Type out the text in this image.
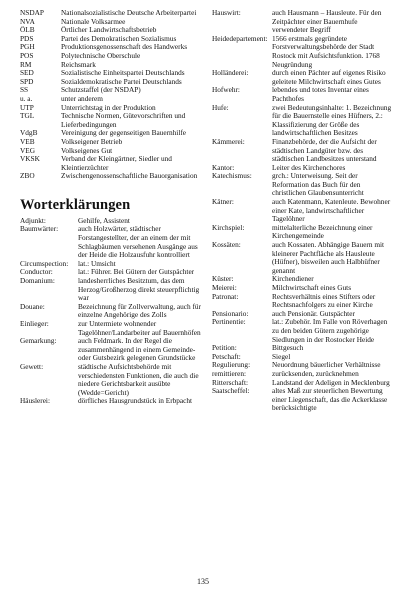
NSDAP	Nationalsozialistische Deutsche Arbeiterpartei
NVA	Nationale Volksarmee
ÖLB	Örtlicher Landwirtschaftsbetrieb
PDS	Partei des Demokratischen Sozialismus
PGH	Produktionsgenossenschaft des Handwerks
POS	Polytechnische Oberschule
RM	Reichsmark
SED	Sozialistische Einheitspartei Deutschlands
SPD	Sozialdemokratische Partei Deutschlands
SS	Schutzstaffel (der NSDAP)
u. a.	unter anderem
UTP	Unterrichtstag in der Produktion
TGL	Technische Normen, Gütevorschriften und Lieferbedingungen
VdgB	Vereinigung der gegenseitigen Bauernhilfe
VEB	Volkseigener Betrieb
VEG	Volkseigenes Gut
VKSK	Verband der Kleingärtner, Siedler und Kleintierzüchter
ZBO	Zwischengenossenschaftliche Bauorganisation
Worterklärungen
Adjunkt:	Gehilfe, Assistent
Baumwärter:	auch Holzwärter, städtischer Forstangestellter, der an einem der mit Schlagbäumen versehenen Ausgänge aus der Heide die Holzausfuhr kontrolliert
Circumspection:	lat.: Umsicht
Conductor:	lat.: Führer. Bei Gütern der Gutspächter
Domanium:	landesherrliches Besitztum, das dem Herzog/Großherzog direkt steuerpflichtig war
Douane:	Bezeichnung für Zollverwaltung, auch für einzelne Angehörige des Zolls
Einlieger:	zur Untermiete wohnender Tagelöhner/Landarbeiter auf Bauernhöfen
Gemarkung:	auch Feldmark. In der Regel die zusammenhängend in einem Gemeinde- oder Gutsbezirk gelegenen Grundstücke
Gewett:	städtische Aufsichtsbehörde mit verschiedensten Funktionen, die auch die niedere Gerichtsbarkeit ausübte (Wedde=Gericht)
Häuslerei:	dörfliches Hausgrundstück in Erbpacht
Hauswirt:	auch Hausmann – Hausleute. Für den Zeitpächter einer Bauernhufe verwendeter Begriff
Heidedepartement: 1566 erstmals gegründete Forstverwaltungsbehörde der Stadt Rostock mit Aufsichtsfunktion. 1768 Neugründung
Holländerei:	durch einen Pächter auf eigenes Risiko geleitete Milchwirtschaft eines Gutes
Hofwehr:	lebendes und totes Inventar eines Pachthofes
Hufe:	zwei Bedeutungsinhalte: 1. Bezeichnung für die Bauernstelle eines Hüfners, 2.: Klassifizierung der Größe des landwirtschaftlichen Besitzes
Kämmerei:	Finanzbehörde, der die Aufsicht der städtischen Landgüter bzw. des städtischen Landbesitzes unterstand
Kantor:	Leiter des Kirchenchores
Katechismus:	grch.: Unterweisung. Seit der Reformation das Buch für den christlichen Glaubensunterricht
Kätner:	auch Katenmann, Katenleute. Bewohner einer Kate, landwirtschaftlicher Tagelöhner
Kirchspiel:	mittelalterliche Bezeichnung einer Kirchengemeinde
Kossäten:	auch Kossaten. Abhängige Bauern mit kleinerer Pachtfläche als Hausleute (Hüfner), bisweilen auch Halbhüfner genannt
Küster:	Kirchendiener
Meierei:	Milchwirtschaft eines Guts
Patronat:	Rechtsverhältnis eines Stifters oder Rechtsnachfolgers zu einer Kirche
Pensionario:	auch Pensionär. Gutspächter
Pertinentie:	lat.: Zubehör. Im Falle von Röverhagen zu den beiden Gütern zugehörige Siedlungen in der Rostocker Heide
Petition:	Bittgesuch
Petschaft:	Siegel
Regulierung:	Neuordnung bäuerlicher Verhältnisse
remittieren:	zurücksenden, zurücknehmen
Ritterschaft:	Landstand der Adeligen in Mecklenburg
Saatscheffel:	altes Maß zur steuerlichen Bewertung einer Liegenschaft, das die Ackerklasse berücksichtigte
135
